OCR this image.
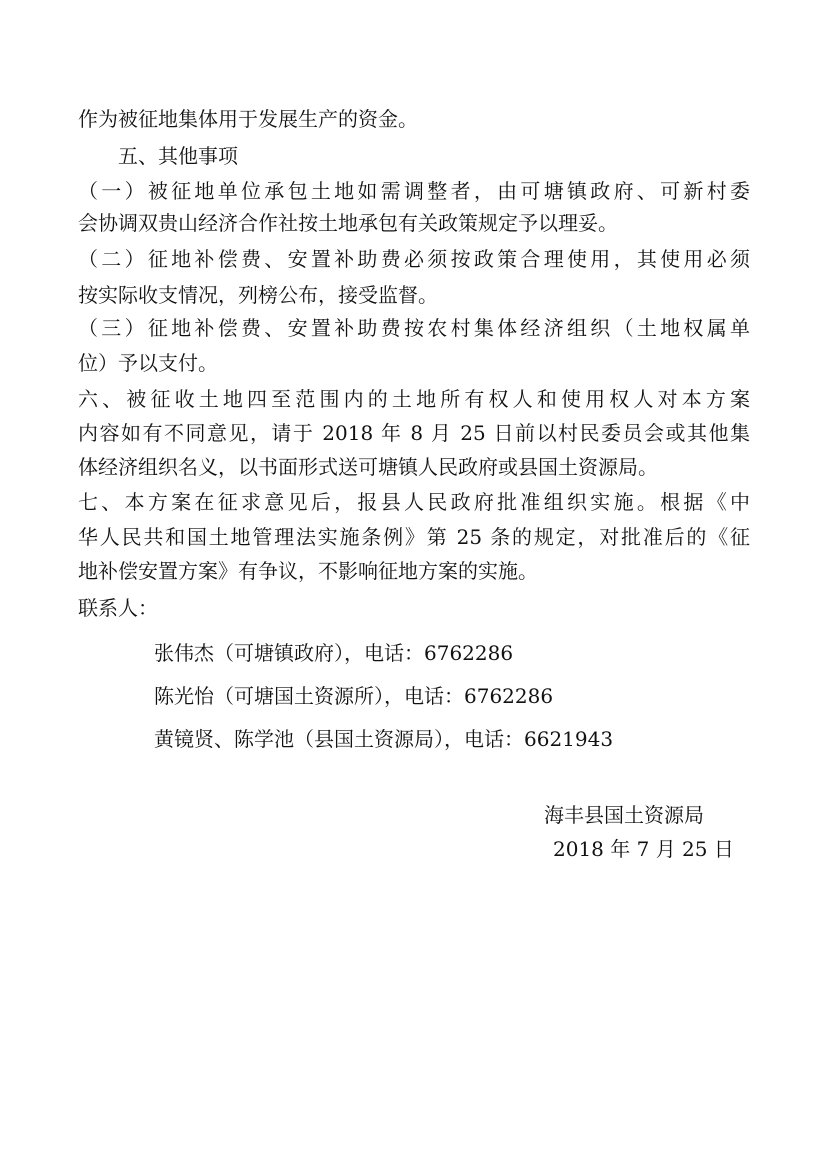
作为被征地集体用于发展生产的资金。
五、其他事项
（一）被征地单位承包土地如需调整者，由可塘镇政府、可新村委
会协调双贵山经济合作社按土地承包有关政策规定予以理妥。
（二）征地补偿费、安置补助费必须按政策合理使用，其使用必须
按实际收支情况，列榜公布，接受监督。
（三）征地补偿费、安置补助费按农村集体经济组织（土地权属单
位）予以支付。
六、被征收土地四至范围内的土地所有权人和使用权人对本方案
内容如有不同意见，请于 2018 年 8 月 25 日前以村民委员会或其他集
体经济组织名义，以书面形式送可塘镇人民政府或县国土资源局。
七、本方案在征求意见后，报县人民政府批准组织实施。根据《中
华人民共和国土地管理法实施条例》第 25 条的规定，对批准后的《征
地补偿安置方案》有争议，不影响征地方案的实施。
联系人：
张伟杰（可塘镇政府），电话：6762286
陈光怡（可塘国土资源所），电话：6762286
黄镜贤、陈学池（县国土资源局），电话：6621943
海丰县国土资源局
2018 年 7 月 25 日
